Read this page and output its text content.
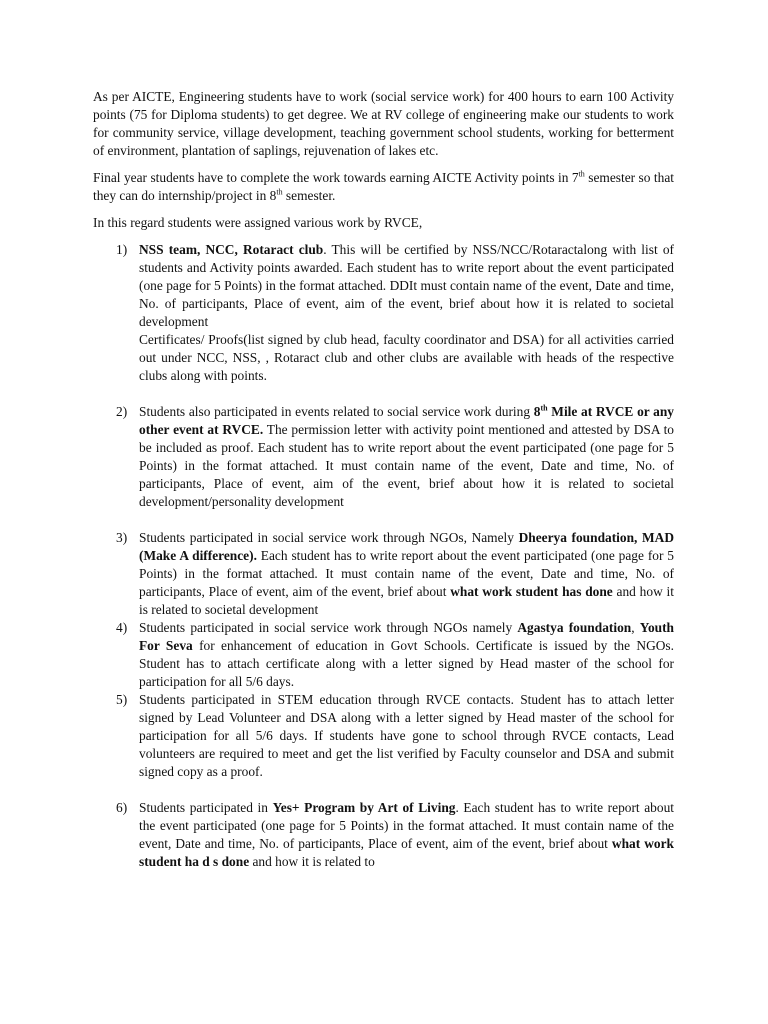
As per AICTE, Engineering students have to work (social service work) for 400 hours to earn 100 Activity points (75 for Diploma students) to get degree. We at RV college of engineering make our students to work for community service, village development, teaching government school students, working for betterment of environment, plantation of saplings, rejuvenation of lakes etc.

Final year students have to complete the work towards earning AICTE Activity points in 7th semester so that they can do internship/project in 8th semester.

In this regard students were assigned various work by RVCE,

1) NSS team, NCC, Rotaract club. This will be certified by NSS/NCC/Rotaractalong with list of students and Activity points awarded. Each student has to write report about the event participated (one page for 5 Points) in the format attached. DDIt must contain name of the event, Date and time, No. of participants, Place of event, aim of the event, brief about how it is related to societal development
Certificates/ Proofs(list signed by club head, faculty coordinator and DSA) for all activities carried out under NCC, NSS, , Rotaract club and other clubs are available with heads of the respective clubs along with points.
2) Students also participated in events related to social service work during 8th Mile at RVCE or any other event at RVCE. The permission letter with activity point mentioned and attested by DSA to be included as proof. Each student has to write report about the event participated (one page for 5 Points) in the format attached. It must contain name of the event, Date and time, No. of participants, Place of event, aim of the event, brief about how it is related to societal development/personality development
3) Students participated in social service work through NGOs, Namely Dheerya foundation, MAD (Make A difference). Each student has to write report about the event participated (one page for 5 Points) in the format attached. It must contain name of the event, Date and time, No. of participants, Place of event, aim of the event, brief about what work student has done and how it is related to societal development
4) Students participated in social service work through NGOs namely Agastya foundation, Youth For Seva for enhancement of education in Govt Schools. Certificate is issued by the NGOs. Student has to attach certificate along with a letter signed by Head master of the school for participation for all 5/6 days.
5) Students participated in STEM education through RVCE contacts. Student has to attach letter signed by Lead Volunteer and DSA along with a letter signed by Head master of the school for participation for all 5/6 days. If students have gone to school through RVCE contacts, Lead volunteers are required to meet and get the list verified by Faculty counselor and DSA and submit signed copy as a proof.
6) Students participated in Yes+ Program by Art of Living. Each student has to write report about the event participated (one page for 5 Points) in the format attached. It must contain name of the event, Date and time, No. of participants, Place of event, aim of the event, brief about what work student ha d s done and how it is related to
